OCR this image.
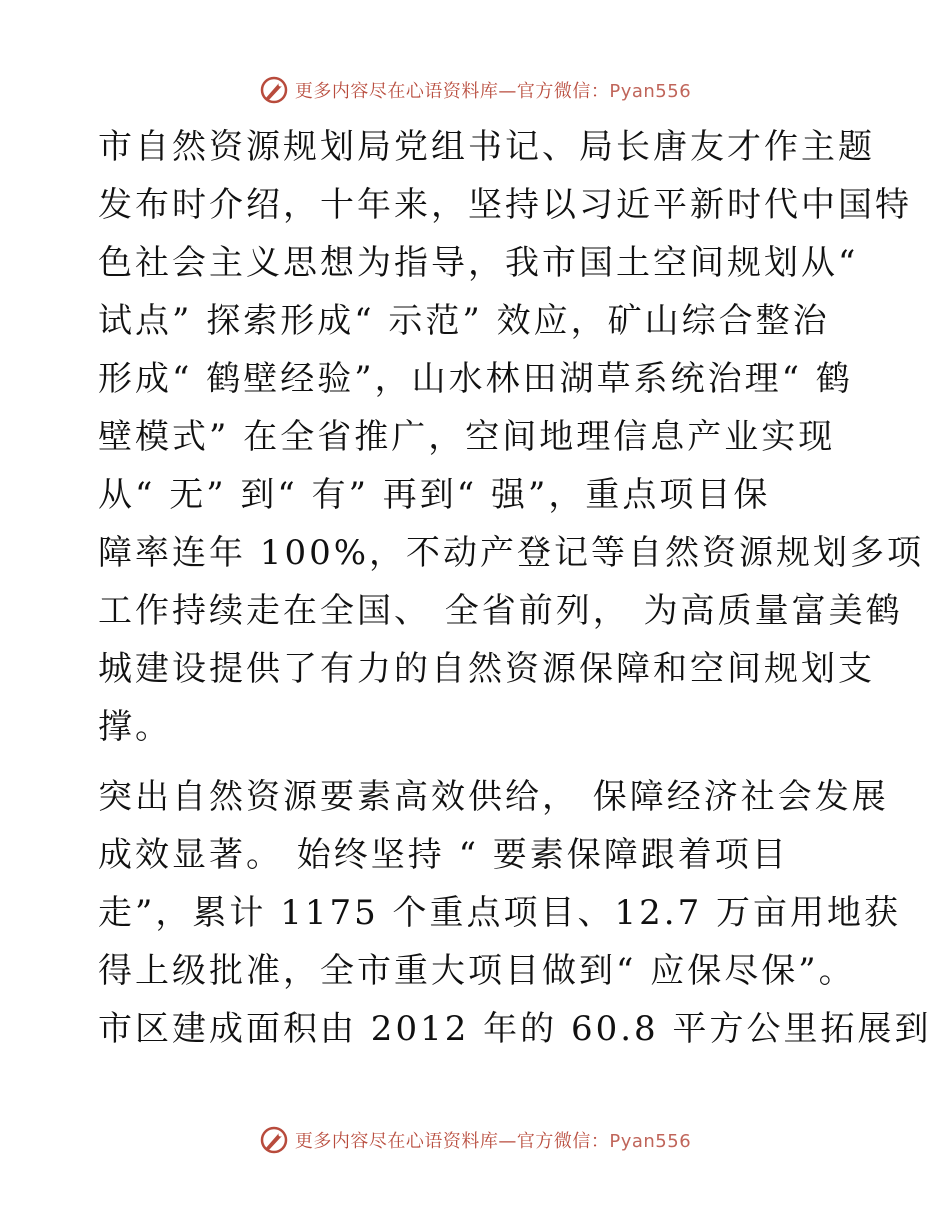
更多内容尽在心语资料库—官方微信：Pyan556
市自然资源规划局党组书记、局长唐友才作主题
发布时介绍，十年来，坚持以习近平新时代中国特
色社会主义思想为指导，我市国土空间规划从“
试点” 探索形成“ 示范” 效应，矿山综合整治
形成“ 鹤壁经验”，山水林田湖草系统治理“ 鹤
壁模式” 在全省推广，空间地理信息产业实现
从“ 无” 到“ 有” 再到“ 强”，重点项目保
障率连年 100%，不动产登记等自然资源规划多项
工作持续走在全国、 全省前列， 为高质量富美鹤
城建设提供了有力的自然资源保障和空间规划支
撑。
突出自然资源要素高效供给， 保障经济社会发展
成效显著。 始终坚持 “ 要素保障跟着项目
走”，累计 1175 个重点项目、12.7 万亩用地获
得上级批准，全市重大项目做到“ 应保尽保”。
市区建成面积由 2012 年的 60.8 平方公里拓展到
更多内容尽在心语资料库—官方微信：Pyan556
